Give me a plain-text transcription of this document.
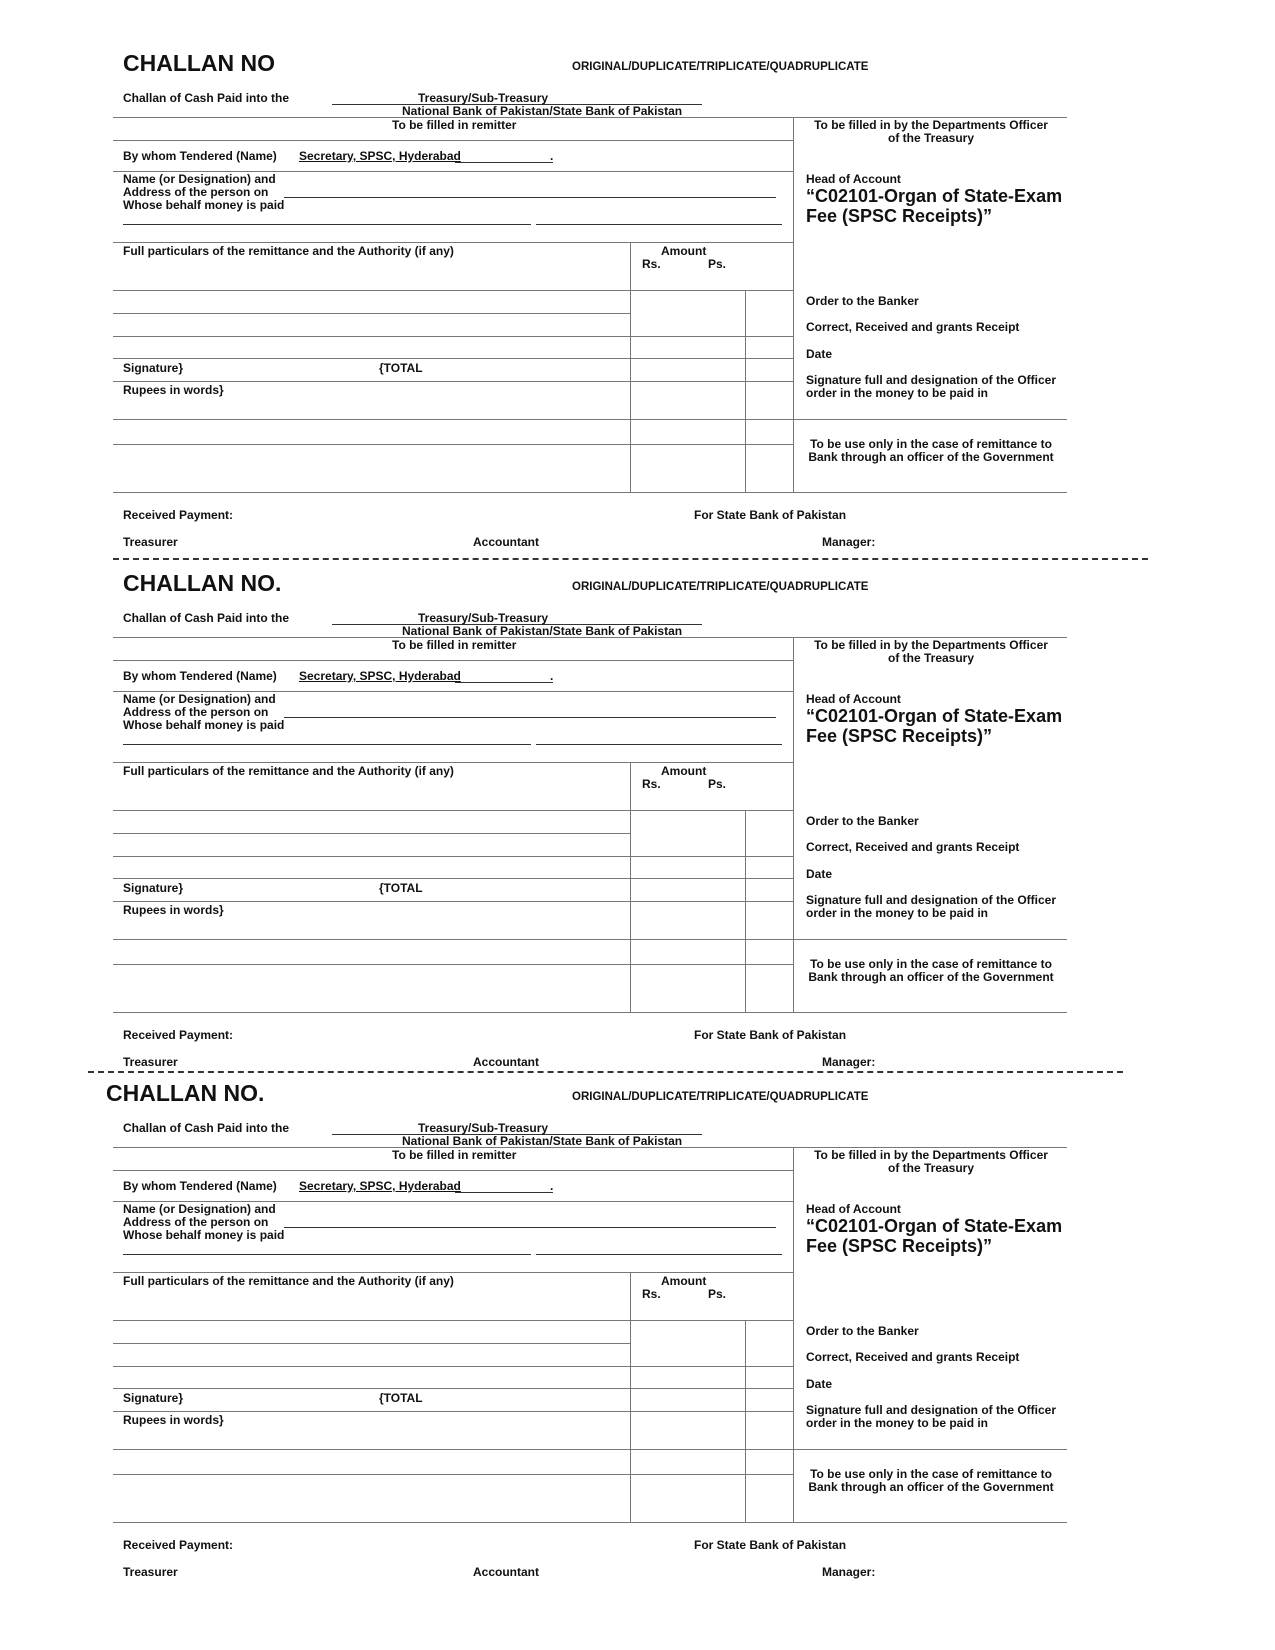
CHALLAN NO	ORIGINAL/DUPLICATE/TRIPLICATE/QUADRUPLICATE
Challan of Cash Paid into the	Treasury/Sub-Treasury
National Bank of Pakistan/State Bank of Pakistan
To be filled in remitter	To be filled in by the Departments Officer
of the Treasury
By whom Tendered (Name) Secretary, SPSC, Hyderabad	.
Name (or Designation) and
Address of the person on
Whose behalf money is paid
Head of Account
“C02101-Organ of State-Exam
Fee (SPSC Receipts)”
Full particulars of the remittance and the Authority (if any)	Amount
Rs.	Ps.
Signature}	{TOTAL
Rupees in words}
Order to the Banker
Correct, Received and grants Receipt
Date
Signature full and designation of the Officer
order in the money to be paid in
To be use only in the case of remittance to
Bank through an officer of the Government
Received Payment:	For State Bank of Pakistan
CHALLAN NO.	ORIGINAL/DUPLICATE/TRIPLICATE/QUADRUPLICATE
Challan of Cash Paid into the	Treasury/Sub-Treasury
National Bank of Pakistan/State Bank of Pakistan
To be filled in remitter	To be filled in by the Departments Officer
of the Treasury
By whom Tendered (Name) Secretary, SPSC, Hyderabad	.
Name (or Designation) and
Address of the person on
Whose behalf money is paid
Head of Account
“C02101-Organ of State-Exam
Fee (SPSC Receipts)”
Full particulars of the remittance and the Authority (if any)	Amount
Rs.	Ps.
Signature}	{TOTAL
Rupees in words}
Order to the Banker
Correct, Received and grants Receipt
Date
Signature full and designation of the Officer
order in the money to be paid in
To be use only in the case of remittance to
Bank through an officer of the Government
Received Payment:	For State Bank of Pakistan
CHALLAN NO.	ORIGINAL/DUPLICATE/TRIPLICATE/QUADRUPLICATE
Challan of Cash Paid into the	Treasury/Sub-Treasury
National Bank of Pakistan/State Bank of Pakistan
To be filled in remitter	To be filled in by the Departments Officer
of the Treasury
By whom Tendered (Name) Secretary, SPSC, Hyderabad	.
Name (or Designation) and
Address of the person on
Whose behalf money is paid
Head of Account
“C02101-Organ of State-Exam
Fee (SPSC Receipts)”
Full particulars of the remittance and the Authority (if any)	Amount
Rs.	Ps.
Signature}	{TOTAL
Rupees in words}
Order to the Banker
Correct, Received and grants Receipt
Date
Signature full and designation of the Officer
order in the money to be paid in
To be use only in the case of remittance to
Bank through an officer of the Government
Received Payment:	For State Bank of Pakistan
Treasurer	Accountant	Manager:
Treasurer	Accountant	Manager:
Treasurer	Accountant	Manager:
